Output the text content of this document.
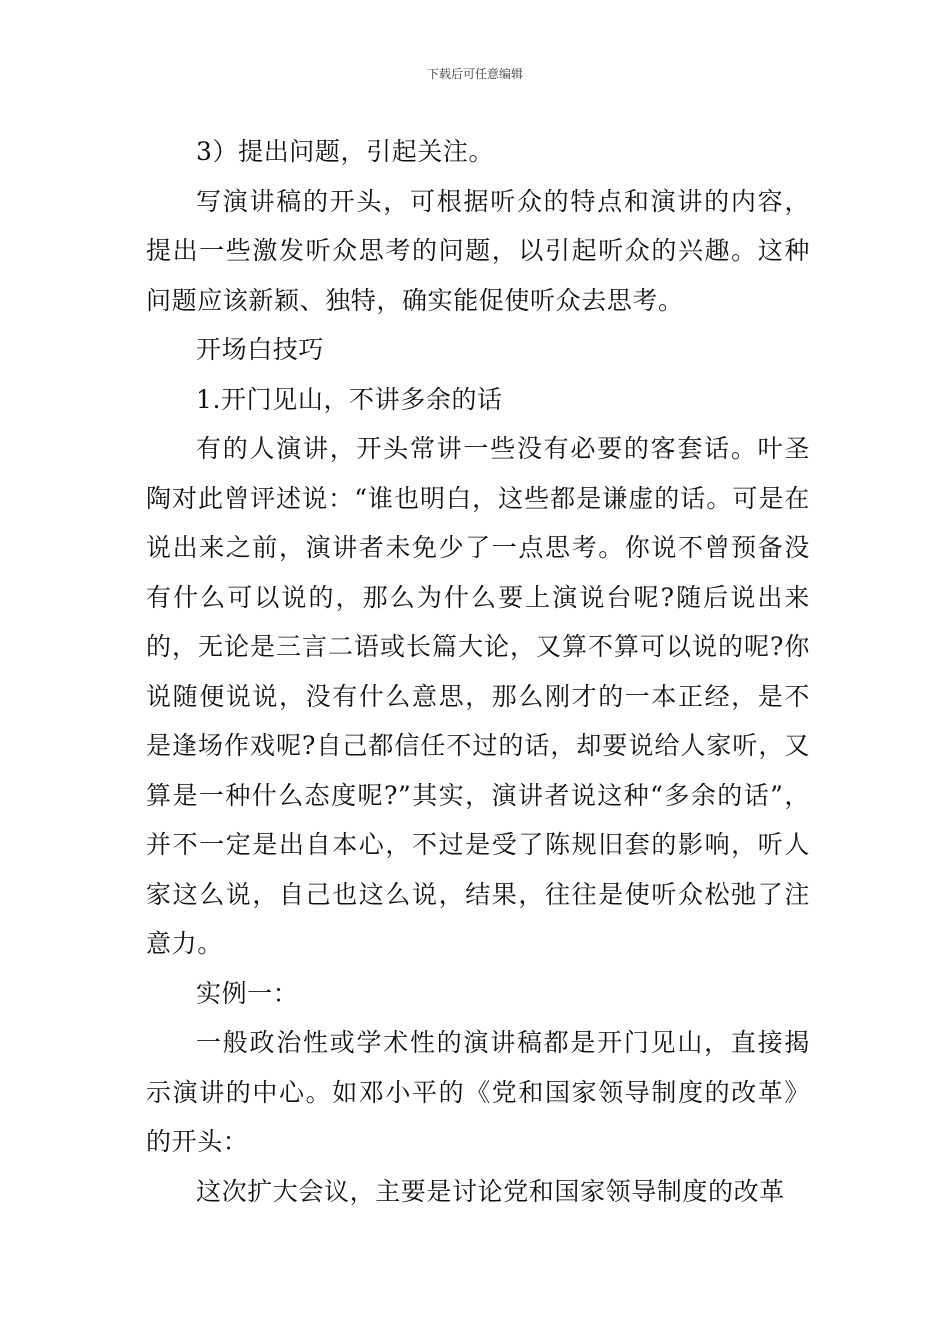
下载后可任意编辑

3）提出问题，引起关注。

写演讲稿的开头，可根据听众的特点和演讲的内容，提出一些激发听众思考的问题，以引起听众的兴趣。这种问题应该新颖、独特，确实能促使听众去思考。

开场白技巧

1.开门见山，不讲多余的话

有的人演讲，开头常讲一些没有必要的客套话。叶圣陶对此曾评述说：“谁也明白，这些都是谦虚的话。可是在说出来之前，演讲者未免少了一点思考。你说不曾预备没有什么可以说的，那么为什么要上演说台呢?随后说出来的，无论是三言二语或长篇大论，又算不算可以说的呢?你说随便说说，没有什么意思，那么刚才的一本正经，是不是逢场作戏呢?自己都信任不过的话，却要说给人家听，又算是一种什么态度呢?”其实，演讲者说这种“多余的话”，并不一定是出自本心，不过是受了陈规旧套的影响，听人家这么说，自己也这么说，结果，往往是使听众松弛了注意力。

实例一：

一般政治性或学术性的演讲稿都是开门见山，直接揭示演讲的中心。如邓小平的《党和国家领导制度的改革》的开头：

这次扩大会议，主要是讨论党和国家领导制度的改革
